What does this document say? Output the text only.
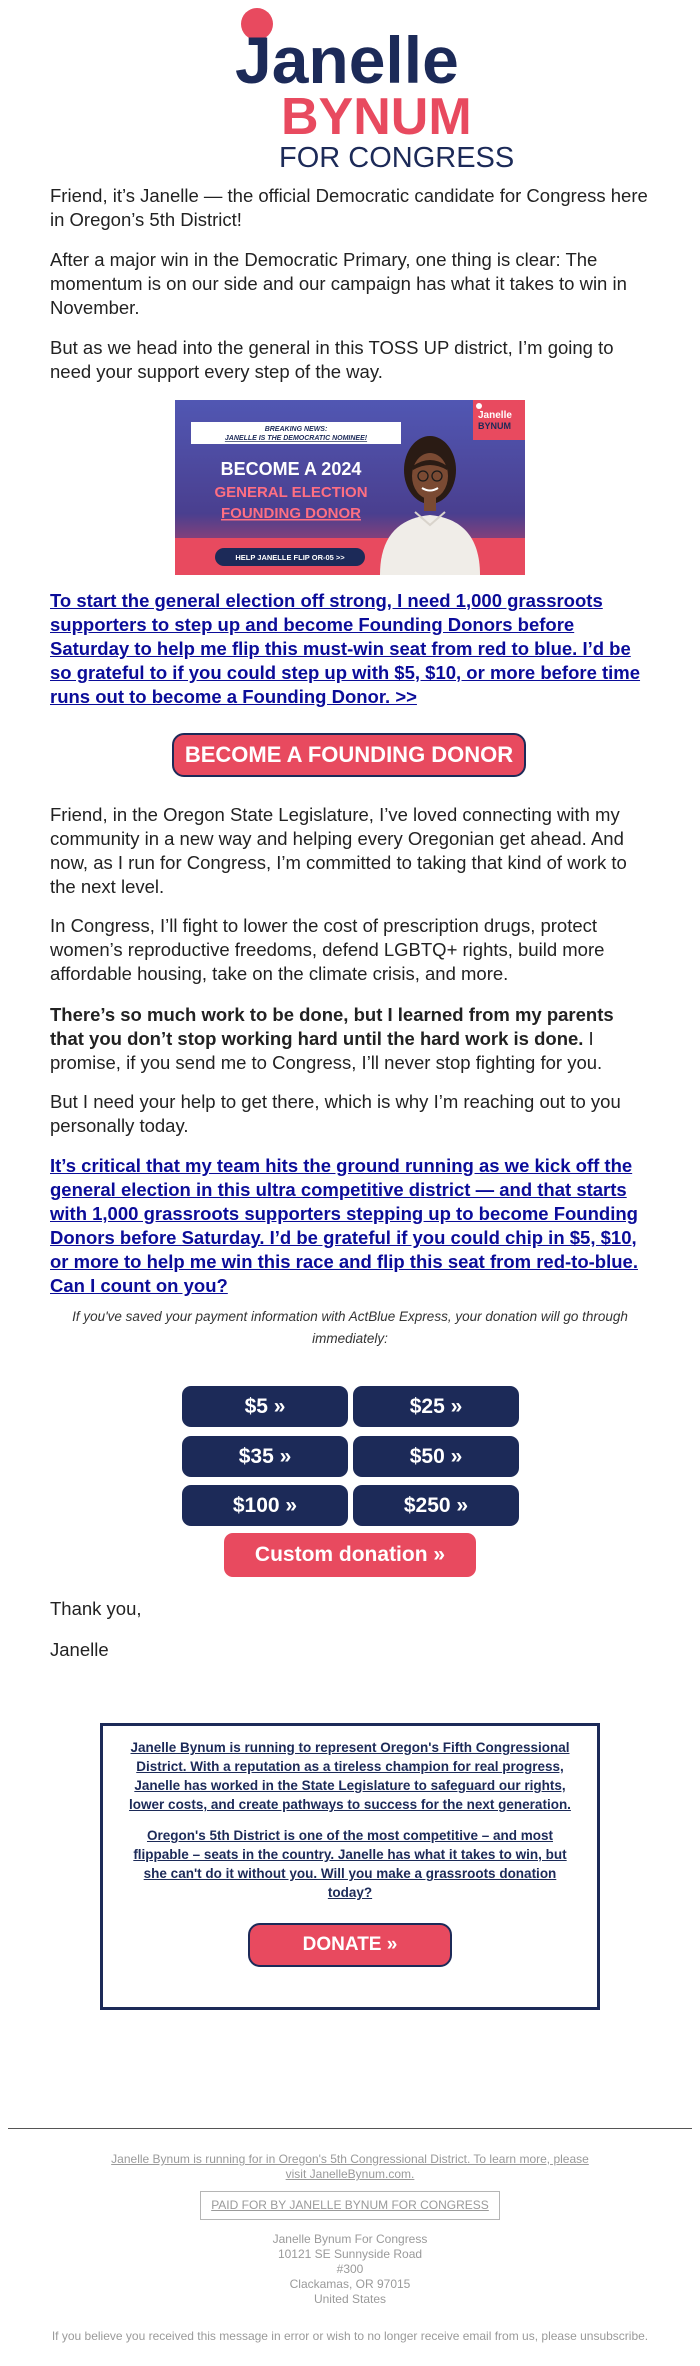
Janelle
BYNUM
FOR CONGRESS

Friend, it’s Janelle — the official Democratic candidate for Congress here in Oregon’s 5th District!

After a major win in the Democratic Primary, one thing is clear: The momentum is on our side and our campaign has what it takes to win in November.

But as we head into the general in this TOSS UP district, I’m going to need your support every step of the way.

BREAKING NEWS:
JANELLE IS THE DEMOCRATIC NOMINEE!
BECOME A 2024
GENERAL ELECTION
FOUNDING DONOR
HELP JANELLE FLIP OR-05 >>
Janelle
BYNUM

To start the general election off strong, I need 1,000 grassroots supporters to step up and become Founding Donors before Saturday to help me flip this must-win seat from red to blue. I’d be so grateful to if you could step up with $5, $10, or more before time runs out to become a Founding Donor. >>

BECOME A FOUNDING DONOR

Friend, in the Oregon State Legislature, I’ve loved connecting with my community in a new way and helping every Oregonian get ahead. And now, as I run for Congress, I’m committed to taking that kind of work to the next level.

In Congress, I’ll fight to lower the cost of prescription drugs, protect women’s reproductive freedoms, defend LGBTQ+ rights, build more affordable housing, take on the climate crisis, and more.

There’s so much work to be done, but I learned from my parents that you don’t stop working hard until the hard work is done. I promise, if you send me to Congress, I’ll never stop fighting for you.

But I need your help to get there, which is why I’m reaching out to you personally today.

It’s critical that my team hits the ground running as we kick off the general election in this ultra competitive district — and that starts with 1,000 grassroots supporters stepping up to become Founding Donors before Saturday. I’d be grateful if you could chip in $5, $10, or more to help me win this race and flip this seat from red-to-blue. Can I count on you?

If you've saved your payment information with ActBlue Express, your donation will go through immediately:
$5 »	$25 »
$35 »	$50 »
$100 »	$250 »
Custom donation »

Thank you,

Janelle

Janelle Bynum is running to represent Oregon's Fifth Congressional District. With a reputation as a tireless champion for real progress, Janelle has worked in the State Legislature to safeguard our rights, lower costs, and create pathways to success for the next generation.

Oregon's 5th District is one of the most competitive – and most flippable – seats in the country. Janelle has what it takes to win, but she can't do it without you. Will you make a grassroots donation today?

DONATE »
Janelle Bynum is running for in Oregon's 5th Congressional District. To learn more, please visit JanelleBynum.com.
PAID FOR BY JANELLE BYNUM FOR CONGRESS
Janelle Bynum For Congress
10121 SE Sunnyside Road
#300
Clackamas, OR 97015
United States
If you believe you received this message in error or wish to no longer receive email from us, please unsubscribe.
